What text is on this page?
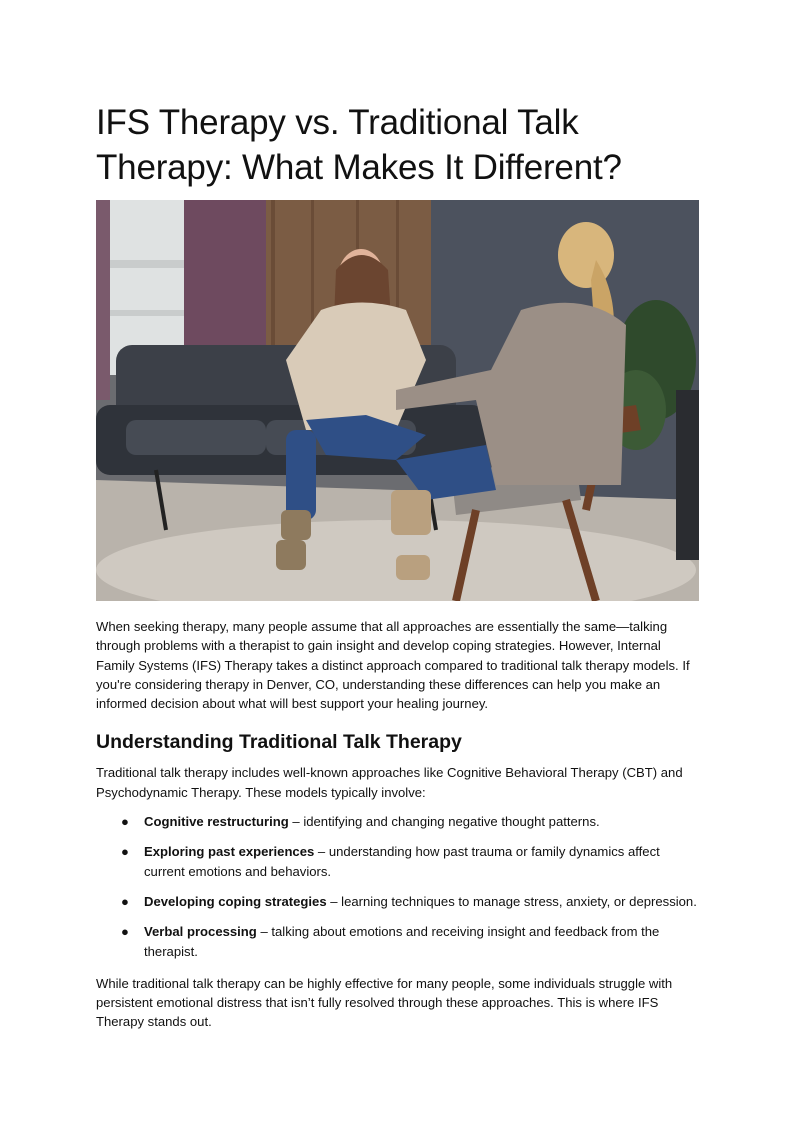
IFS Therapy vs. Traditional Talk Therapy: What Makes It Different?

When seeking therapy, many people assume that all approaches are essentially the same—talking through problems with a therapist to gain insight and develop coping strategies. However, Internal Family Systems (IFS) Therapy takes a distinct approach compared to traditional talk therapy models. If you're considering therapy in Denver, CO, understanding these differences can help you make an informed decision about what will best support your healing journey.

Understanding Traditional Talk Therapy

Traditional talk therapy includes well-known approaches like Cognitive Behavioral Therapy (CBT) and Psychodynamic Therapy. These models typically involve:

● Cognitive restructuring – identifying and changing negative thought patterns.
● Exploring past experiences – understanding how past trauma or family dynamics affect current emotions and behaviors.
● Developing coping strategies – learning techniques to manage stress, anxiety, or depression.
● Verbal processing – talking about emotions and receiving insight and feedback from the therapist.

While traditional talk therapy can be highly effective for many people, some individuals struggle with persistent emotional distress that isn’t fully resolved through these approaches. This is where IFS Therapy stands out.
